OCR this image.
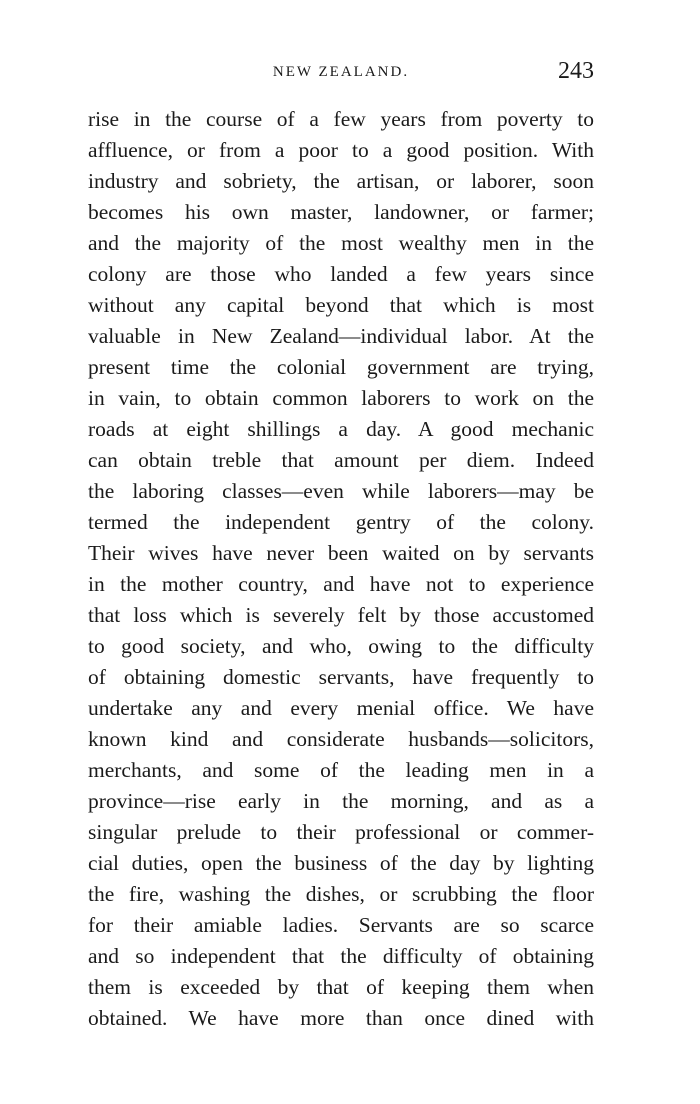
NEW ZEALAND.	243
rise in the course of a few years from poverty to
affluence, or from a poor to a good position. With
industry and sobriety, the artisan, or laborer, soon
becomes his own master, landowner, or farmer;
and the majority of the most wealthy men in the
colony are those who landed a few years since
without any capital beyond that which is most
valuable in New Zealand—individual labor. At the
present time the colonial government are trying,
in vain, to obtain common laborers to work on the
roads at eight shillings a day. A good mechanic
can obtain treble that amount per diem. Indeed
the laboring classes—even while laborers—may be
termed the independent gentry of the colony.
Their wives have never been waited on by servants
in the mother country, and have not to experience
that loss which is severely felt by those accustomed
to good society, and who, owing to the difficulty
of obtaining domestic servants, have frequently to
undertake any and every menial office. We have
known kind and considerate husbands—solicitors,
merchants, and some of the leading men in a
province—rise early in the morning, and as a
singular prelude to their professional or commer-
cial duties, open the business of the day by lighting
the fire, washing the dishes, or scrubbing the floor
for their amiable ladies. Servants are so scarce
and so independent that the difficulty of obtaining
them is exceeded by that of keeping them when
obtained. We have more than once dined with
